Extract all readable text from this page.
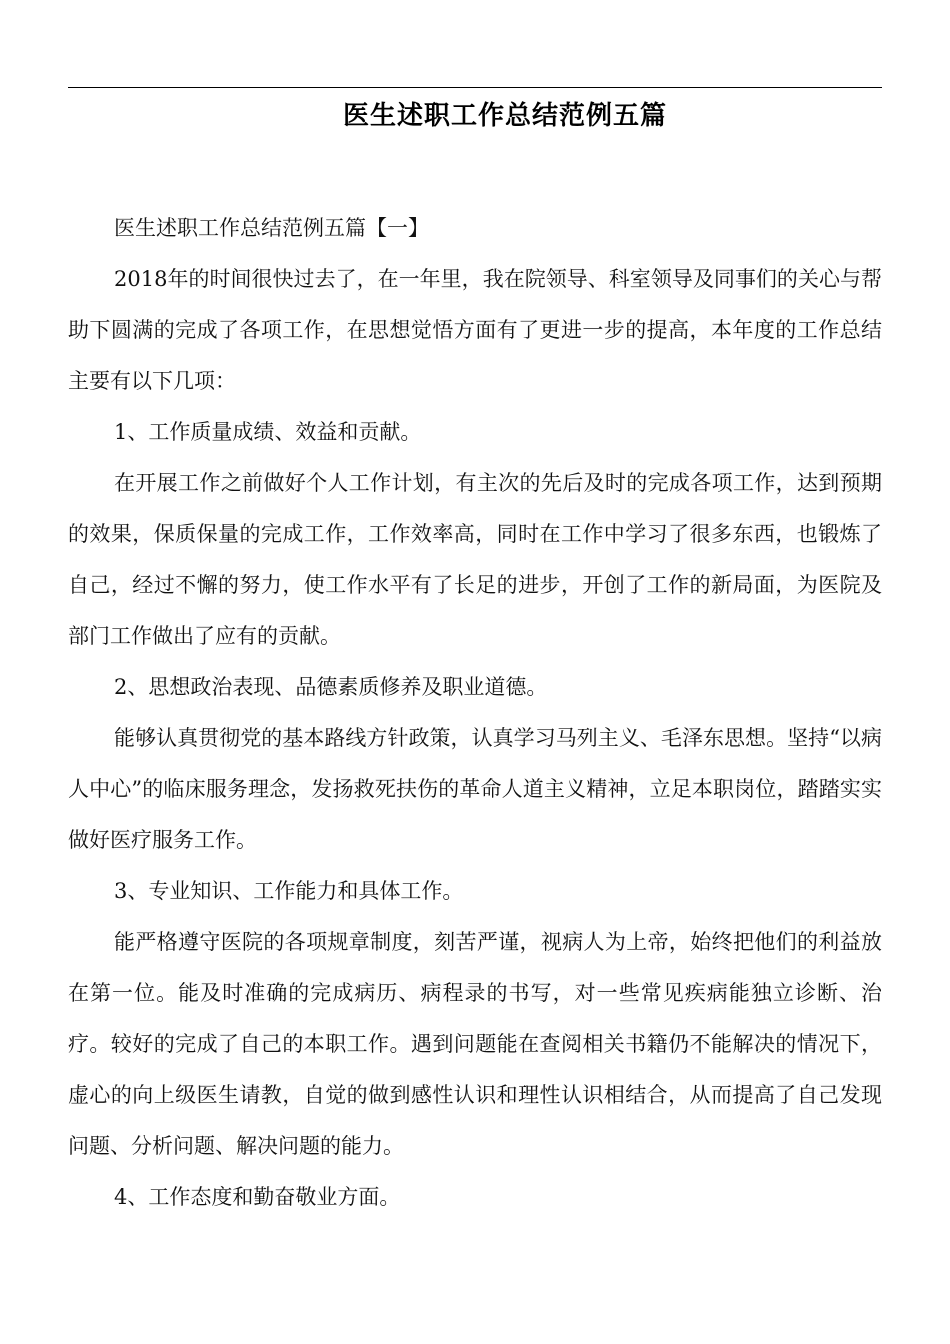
医生述职工作总结范例五篇

医生述职工作总结范例五篇【一】

2018年的时间很快过去了，在一年里，我在院领导、科室领导及同事们的关心与帮助下圆满的完成了各项工作，在思想觉悟方面有了更进一步的提高，本年度的工作总结主要有以下几项：

1、工作质量成绩、效益和贡献。

在开展工作之前做好个人工作计划，有主次的先后及时的完成各项工作，达到预期的效果，保质保量的完成工作，工作效率高，同时在工作中学习了很多东西，也锻炼了自己，经过不懈的努力，使工作水平有了长足的进步，开创了工作的新局面，为医院及部门工作做出了应有的贡献。

2、思想政治表现、品德素质修养及职业道德。

能够认真贯彻党的基本路线方针政策，认真学习马列主义、毛泽东思想。坚持“以病人中心”的临床服务理念，发扬救死扶伤的革命人道主义精神，立足本职岗位，踏踏实实做好医疗服务工作。

3、专业知识、工作能力和具体工作。

能严格遵守医院的各项规章制度，刻苦严谨，视病人为上帝，始终把他们的利益放在第一位。能及时准确的完成病历、病程录的书写，对一些常见疾病能独立诊断、治疗。较好的完成了自己的本职工作。遇到问题能在查阅相关书籍仍不能解决的情况下，虚心的向上级医生请教，自觉的做到感性认识和理性认识相结合，从而提高了自己发现问题、分析问题、解决问题的能力。

4、工作态度和勤奋敬业方面。
